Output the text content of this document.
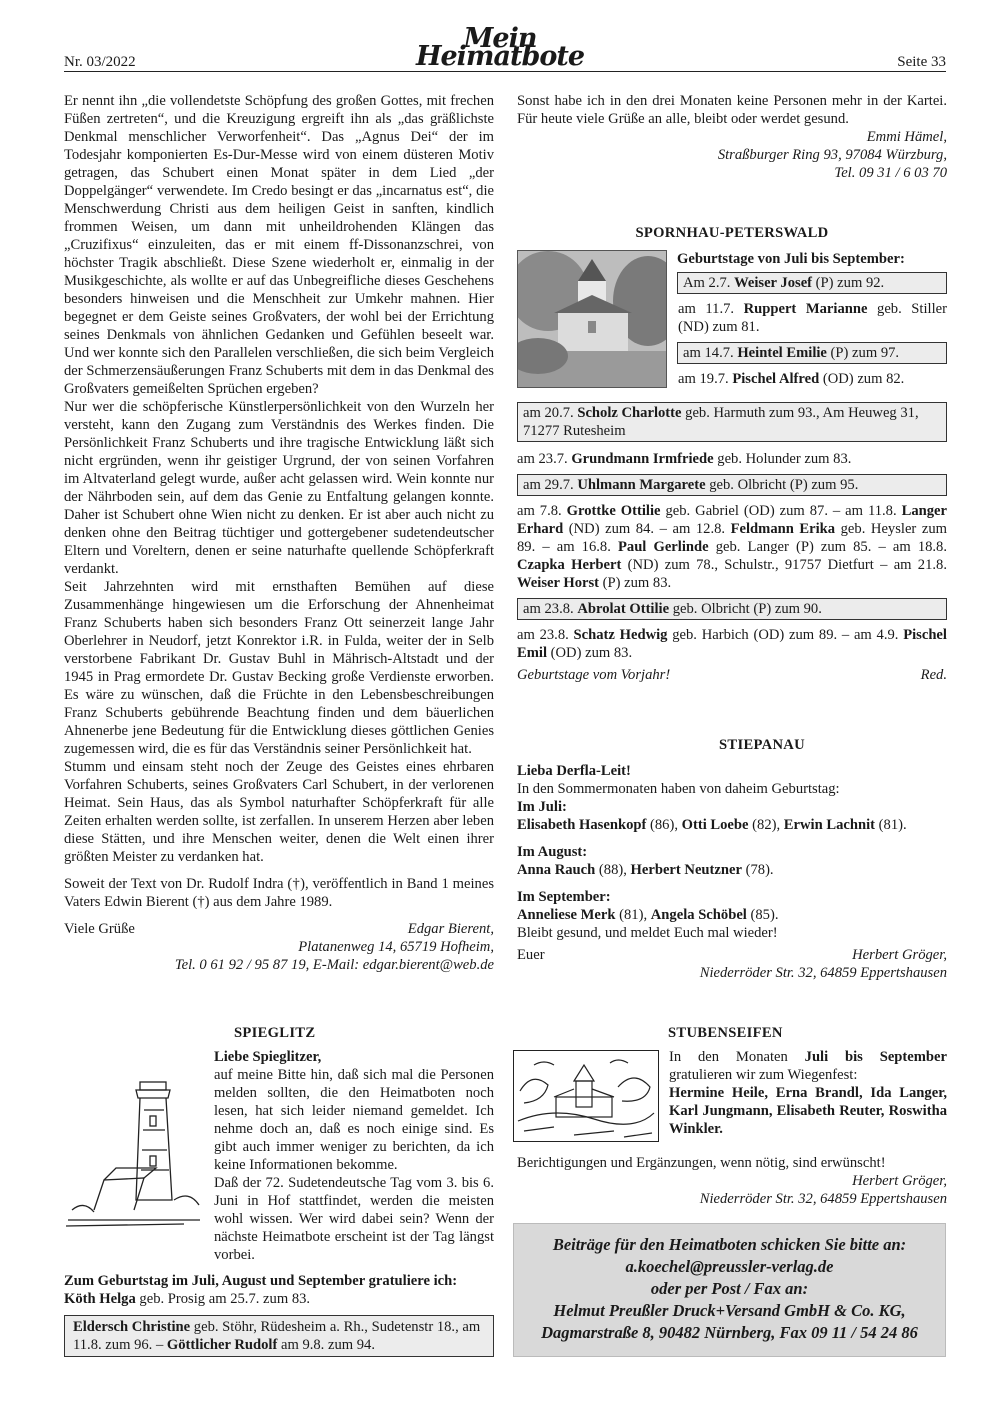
Nr. 03/2022
Mein Heimatbote	Seite 33

Er nennt ihn „die vollendetste Schöpfung des großen Gottes, mit frechen Füßen zertreten“, und die Kreuzigung ergreift ihn als „das gräßlichste Denkmal menschlicher Verworfenheit“. Das „Agnus Dei“ der im Todesjahr komponierten Es-Dur-Messe wird von einem düsteren Motiv getragen, das Schubert einen Monat später in dem Lied „der Doppelgänger“ verwendete. Im Credo besingt er das „incarnatus est“, die Menschwerdung Christi aus dem heiligen Geist in sanften, kindlich frommen Weisen, um dann mit unheildrohenden Klängen das „Cruzifixus“ einzuleiten, das er mit einem ff-Dissonanzschrei, von höchster Tragik abschließt. Diese Szene wiederholt er, einmalig in der Musikgeschichte, als wollte er auf das Unbegreifliche dieses Geschehens besonders hinweisen und die Menschheit zur Umkehr mahnen. Hier begegnet er dem Geiste seines Großvaters, der wohl bei der Errichtung seines Denkmals von ähnlichen Gedanken und Gefühlen beseelt war. Und wer konnte sich den Parallelen verschließen, die sich beim Vergleich der Schmerzensäußerungen Franz Schuberts mit dem in das Denkmal des Großvaters gemeißelten Sprüchen ergeben?

Nur wer die schöpferische Künstlerpersönlichkeit von den Wurzeln her versteht, kann den Zugang zum Verständnis des Werkes finden. Die Persönlichkeit Franz Schuberts und ihre tragische Entwicklung läßt sich nicht ergründen, wenn ihr geistiger Urgrund, der von seinen Vorfahren im Altvaterland gelegt wurde, außer acht gelassen wird. Wein konnte nur der Nährboden sein, auf dem das Genie zu Entfaltung gelangen konnte. Daher ist Schubert ohne Wien nicht zu denken. Er ist aber auch nicht zu denken ohne den Beitrag tüchtiger und gottergebener sudetendeutscher Eltern und Voreltern, denen er seine naturhafte quellende Schöpferkraft verdankt.

Seit Jahrzehnten wird mit ernsthaften Bemühen auf diese Zusammenhänge hingewiesen um die Erforschung der Ahnenheimat Franz Schuberts haben sich besonders Franz Ott seinerzeit lange Jahr Oberlehrer in Neudorf, jetzt Konrektor i.R. in Fulda, weiter der in Selb verstorbene Fabrikant Dr. Gustav Buhl in Mährisch-Altstadt und der 1945 in Prag ermordete Dr. Gustav Becking große Verdienste erworben. Es wäre zu wünschen, daß die Früchte in den Lebensbeschreibungen Franz Schuberts gebührende Beachtung finden und dem bäuerlichen Ahnenerbe jene Bedeutung für die Entwicklung dieses göttlichen Genies zugemessen wird, die es für das Verständnis seiner Persönlichkeit hat.

Stumm und einsam steht noch der Zeuge des Geistes eines ehrbaren Vorfahren Schuberts, seines Großvaters Carl Schubert, in der verlorenen Heimat. Sein Haus, das als Symbol naturhafter Schöpferkraft für alle Zeiten erhalten werden sollte, ist zerfallen. In unserem Herzen aber leben diese Stätten, und ihre Menschen weiter, denen die Welt einen ihrer größten Meister zu verdanken hat.

Soweit der Text von Dr. Rudolf Indra (†), veröffentlich in Band 1 meines Vaters Edwin Bierent (†) aus dem Jahre 1989.

Viele Grüße	Edgar Bierent,

Platanenweg 14, 65719 Hofheim,

Tel. 0 61 92 / 95 87 19, E-Mail: edgar.bierent@web.de

Sonst habe ich in den drei Monaten keine Personen mehr in der Kartei. Für heute viele Grüße an alle, bleibt oder werdet gesund.

Emmi Hämel,

Straßburger Ring 93, 97084 Würzburg,

Tel. 09 31 / 6 03 70

SPORNHAU-PETERSWALD

Geburtstage von Juli bis September:

Am 2.7. Weiser Josef (P) zum 92.

am 11.7. Ruppert Marianne geb. Stiller (ND) zum 81.

am 14.7. Heintel Emilie (P) zum 97.

am 19.7. Pischel Alfred (OD) zum 82.

am 20.7. Scholz Charlotte geb. Harmuth zum 93., Am Heuweg 31, 71277 Rutesheim

am 23.7. Grundmann Irmfriede geb. Holunder zum 83.

am 29.7. Uhlmann Margarete geb. Olbricht (P) zum 95.

am 7.8. Grottke Ottilie geb. Gabriel (OD) zum 87. – am 11.8. Langer Erhard (ND) zum 84. – am 12.8. Feldmann Erika geb. Heysler zum 89. – am 16.8. Paul Gerlinde geb. Langer (P) zum 85. – am 18.8. Czapka Herbert (ND) zum 78., Schulstr., 91757 Dietfurt – am 21.8. Weiser Horst (P) zum 83.

am 23.8. Abrolat Ottilie geb. Olbricht (P) zum 90.

am 23.8. Schatz Hedwig geb. Harbich (OD) zum 89. – am 4.9. Pischel Emil (OD) zum 83.

Geburtstage vom Vorjahr!	Red.

STIEPANAU

Lieba Derfla-Leit!

In den Sommermonaten haben von daheim Geburtstag:

Im Juli:

Elisabeth Hasenkopf (86), Otti Loebe (82), Erwin Lachnit (81).

Im August:

Anna Rauch (88), Herbert Neutzner (78).

Im September:

Anneliese Merk (81), Angela Schöbel (85).

Bleibt gesund, und meldet Euch mal wieder!

Euer	Herbert Gröger,

Niederröder Str. 32, 64859 Eppertshausen

SPIEGLITZ

Liebe Spieglitzer,

auf meine Bitte hin, daß sich mal die Personen melden sollten, die den Heimatboten noch lesen, hat sich leider niemand gemeldet. Ich nehme doch an, daß es noch einige sind. Es gibt auch immer weniger zu berichten, da ich keine Informationen bekomme.

Daß der 72. Sudetendeutsche Tag vom 3. bis 6. Juni in Hof stattfindet, werden die meisten wohl wissen. Wer wird dabei sein? Wenn der nächste Heimatbote erscheint ist der Tag längst vorbei.

Zum Geburtstag im Juli, August und September gratuliere ich:

Köth Helga geb. Prosig am 25.7. zum 83.

Eldersch Christine geb. Stöhr, Rüdesheim a. Rh., Sudetenstr 18., am 11.8. zum 96. – Göttlicher Rudolf am 9.8. zum 94.

STUBENSEIFEN

In den Monaten Juli bis September gratulieren wir zum Wiegenfest:

Hermine Heile, Erna Brandl, Ida Langer, Karl Jungmann, Elisabeth Reuter, Roswitha Winkler.

Berichtigungen und Ergänzungen, wenn nötig, sind erwünscht!

Herbert Gröger,

Niederröder Str. 32, 64859 Eppertshausen

Beiträge für den Heimatboten schicken Sie bitte an:

a.koechel@preussler-verlag.de

oder per Post / Fax an:

Helmut Preußler Druck+Versand GmbH & Co. KG,

Dagmarstraße 8, 90482 Nürnberg, Fax 09 11 / 54 24 86
